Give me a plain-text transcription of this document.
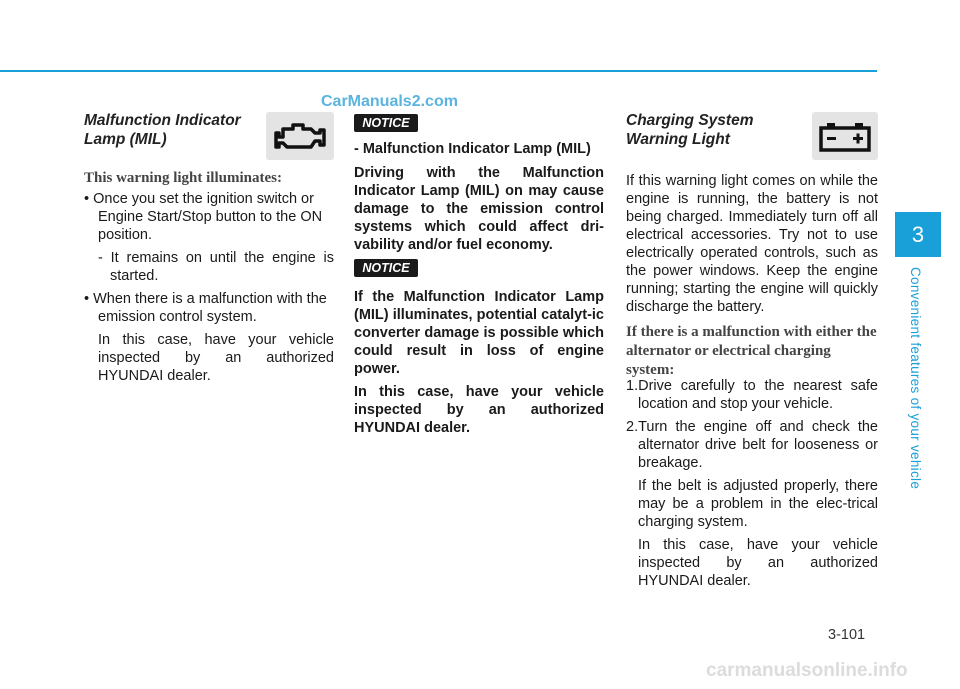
CarManuals2.com
Malfunction Indicator
Lamp (MIL)
This warning light illuminates:

• Once you set the ignition switch or Engine Start/Stop button to the ON position.

- It remains on until the engine is started.

• When there is a malfunction with the emission control system.

In this case, have your vehicle inspected by an authorized HYUNDAI dealer.

NOTICE

- Malfunction Indicator Lamp (MIL)

Driving with the Malfunction Indicator Lamp (MIL) on may cause damage to the emission control systems which could affect dri-vability and/or fuel economy.

NOTICE

If the Malfunction Indicator Lamp (MIL) illuminates, potential catalyt-ic converter damage is possible which could result in loss of engine power.

In this case, have your vehicle inspected by an authorized HYUNDAI dealer.

Charging System
Warning Light

If this warning light comes on while the engine is running, the battery is not being charged. Immediately turn off all electrical accessories. Try not to use electrically operated controls, such as the power windows. Keep the engine running; starting the engine will quickly discharge the battery.

If there is a malfunction with either the alternator or electrical charging system:

1.Drive carefully to the nearest safe location and stop your vehicle.

2.Turn the engine off and check the alternator drive belt for looseness or breakage.

If the belt is adjusted properly, there may be a problem in the elec-trical charging system.

In this case, have your vehicle inspected by an authorized HYUNDAI dealer.

3
Convenient features of your vehicle
3-101
carmanualsonline.info
